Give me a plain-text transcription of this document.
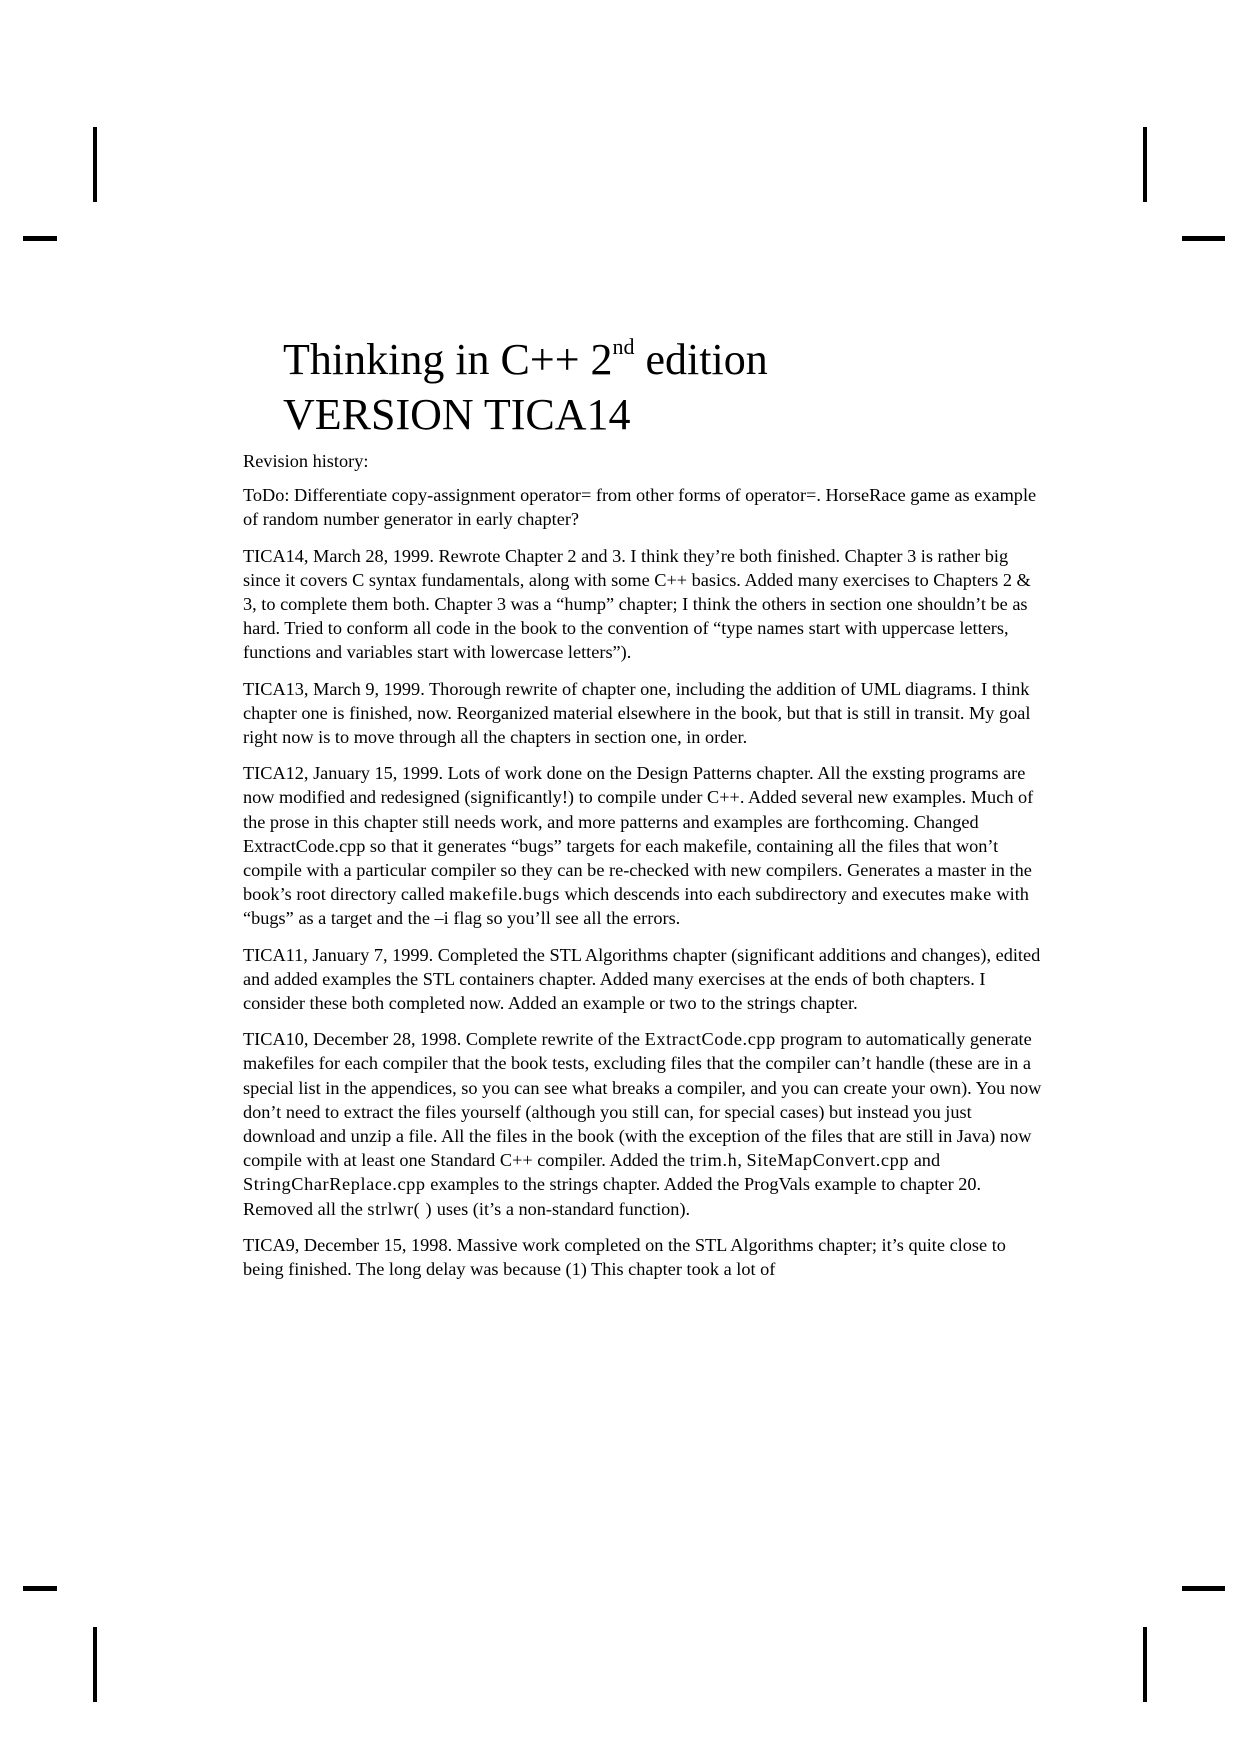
Thinking in C++ 2nd edition
VERSION TICA14

Revision history:

ToDo: Differentiate copy-assignment operator= from other forms of operator=. HorseRace game as example of random number generator in early chapter?

TICA14, March 28, 1999. Rewrote Chapter 2 and 3. I think they’re both finished. Chapter 3 is rather big since it covers C syntax fundamentals, along with some C++ basics. Added many exercises to Chapters 2 & 3, to complete them both. Chapter 3 was a “hump” chapter; I think the others in section one shouldn’t be as hard. Tried to conform all code in the book to the convention of “type names start with uppercase letters, functions and variables start with lowercase letters”).

TICA13, March 9, 1999. Thorough rewrite of chapter one, including the addition of UML diagrams. I think chapter one is finished, now. Reorganized material elsewhere in the book, but that is still in transit. My goal right now is to move through all the chapters in section one, in order.

TICA12, January 15, 1999. Lots of work done on the Design Patterns chapter. All the exsting programs are now modified and redesigned (significantly!) to compile under C++. Added several new examples. Much of the prose in this chapter still needs work, and more patterns and examples are forthcoming. Changed ExtractCode.cpp so that it generates “bugs” targets for each makefile, containing all the files that won’t compile with a particular compiler so they can be re-checked with new compilers. Generates a master in the book’s root directory called makefile.bugs which descends into each subdirectory and executes make with “bugs” as a target and the –i flag so you’ll see all the errors.

TICA11, January 7, 1999. Completed the STL Algorithms chapter (significant additions and changes), edited and added examples the STL containers chapter. Added many exercises at the ends of both chapters. I consider these both completed now. Added an example or two to the strings chapter.

TICA10, December 28, 1998. Complete rewrite of the ExtractCode.cpp program to automatically generate makefiles for each compiler that the book tests, excluding files that the compiler can’t handle (these are in a special list in the appendices, so you can see what breaks a compiler, and you can create your own). You now don’t need to extract the files yourself (although you still can, for special cases) but instead you just download and unzip a file. All the files in the book (with the exception of the files that are still in Java) now compile with at least one Standard C++ compiler. Added the trim.h, SiteMapConvert.cpp and StringCharReplace.cpp examples to the strings chapter. Added the ProgVals example to chapter 20. Removed all the strlwr( ) uses (it’s a non-standard function).

TICA9, December 15, 1998. Massive work completed on the STL Algorithms chapter; it’s quite close to being finished. The long delay was because (1) This chapter took a lot of
